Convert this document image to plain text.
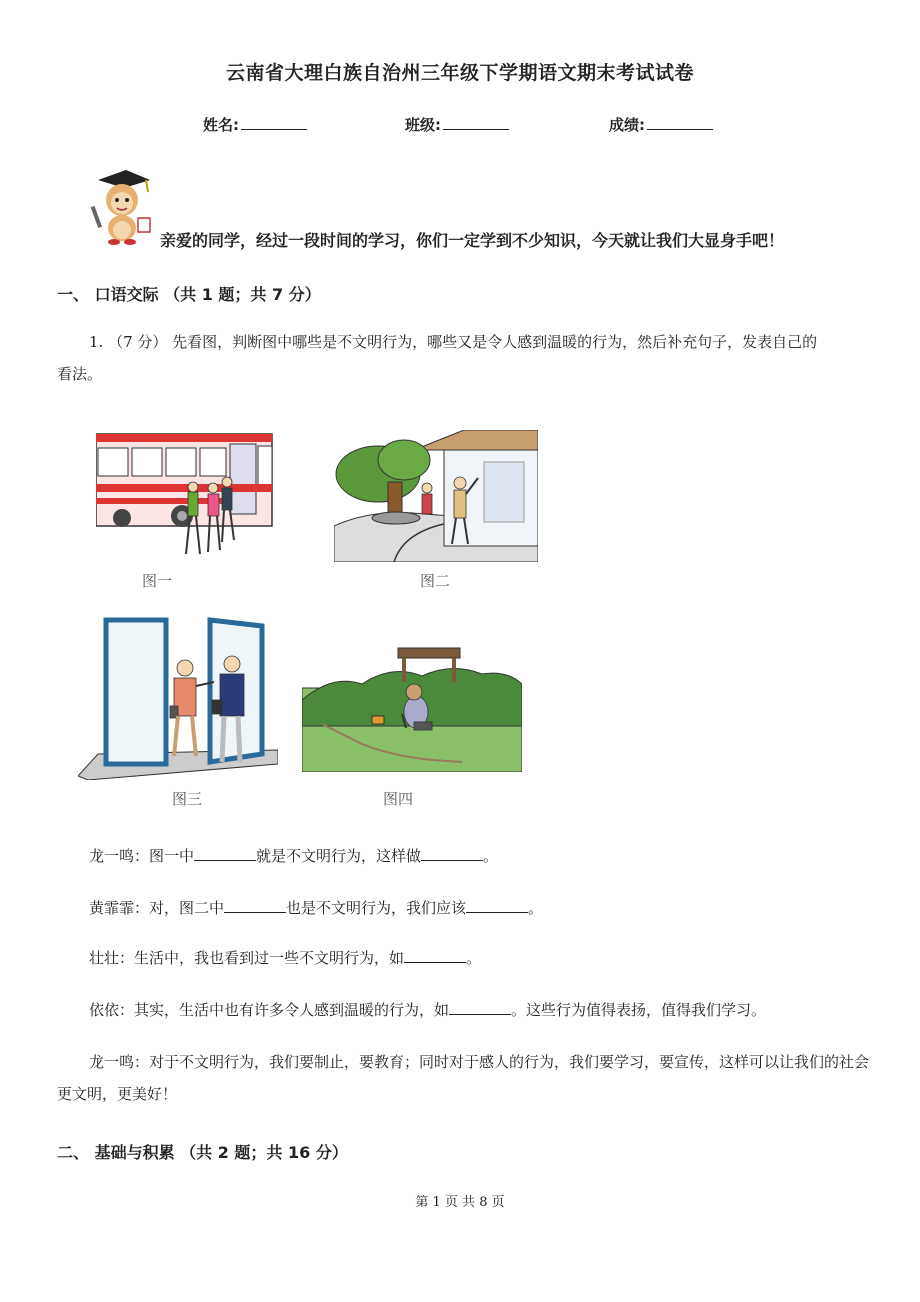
云南省大理白族自治州三年级下学期语文期末考试试卷
姓名:	班级:	成绩:
亲爱的同学，经过一段时间的学习，你们一定学到不少知识，今天就让我们大显身手吧！
一、 口语交际 （共 1 题；共 7 分）
1. （7 分） 先看图，判断图中哪些是不文明行为，哪些又是令人感到温暖的行为，然后补充句子，发表自己的
看法。
图一	图二
图三	图四
龙一鸣：图一中	就是不文明行为，这样做	。
黄霏霏：对，图二中	也是不文明行为，我们应该	。
壮壮：生活中，我也看到过一些不文明行为，如	。
依依：其实，生活中也有许多令人感到温暖的行为，如	。这些行为值得表扬，值得我们学习。
龙一鸣：对于不文明行为，我们要制止，要教育；同时对于感人的行为，我们要学习，要宣传，这样可以让我们的社会更文明，更美好！
二、 基础与积累 （共 2 题；共 16 分）
第 1 页 共 8 页
